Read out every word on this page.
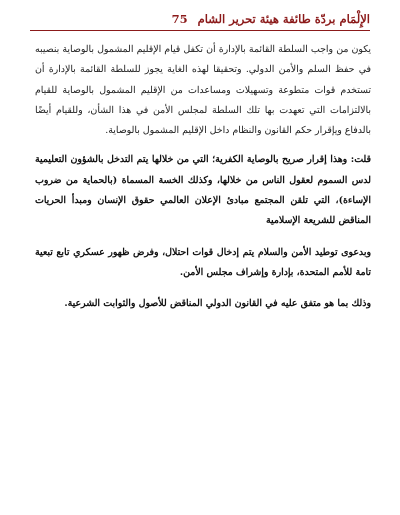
الإِلْمَام بردّة طائفة هيئة تحرير الشام
75

يكون من واجب السلطة القائمة بالإدارة أن تكفل قيام الإقليم المشمول بالوصاية بنصيبه في حفظ السلم والأمن الدولي. وتحقيقا لهذه الغاية يجوز للسلطة القائمة بالإدارة أن تستخدم قوات متطوعة وتسهيلات ومساعدات من الإقليم المشمول بالوصاية للقيام بالالتزامات التي تعهدت بها تلك السلطة لمجلس الأمن في هذا الشأن، وللقيام أيضًا بالدفاع ويإقرار حكم القانون والنظام داخل الإقليم المشمول بالوصاية.

قلت: وهذا إقرار صريح بالوصاية الكفرية؛ التي من خلالها يتم التدخل بالشؤون التعليمية لدس السموم لعقول الناس من خلالها، وكذلك الخسة المسماة (بالحماية من ضروب الإساءة)، التي تلقن المجتمع مبادئ الإعلان العالمي حقوق الإنسان ومبدأ الحريات المناقض للشريعة الإسلامية

وبدعوى توطيد الأمن والسلام يتم إدخال قوات احتلال، وفرض ظهور عسكري تابع تبعية تامة للأمم المتحدة، بإدارة وإشراف مجلس الأمن.

وذلك بما هو متفق عليه في القانون الدولي المناقض للأصول والثوابت الشرعية.
